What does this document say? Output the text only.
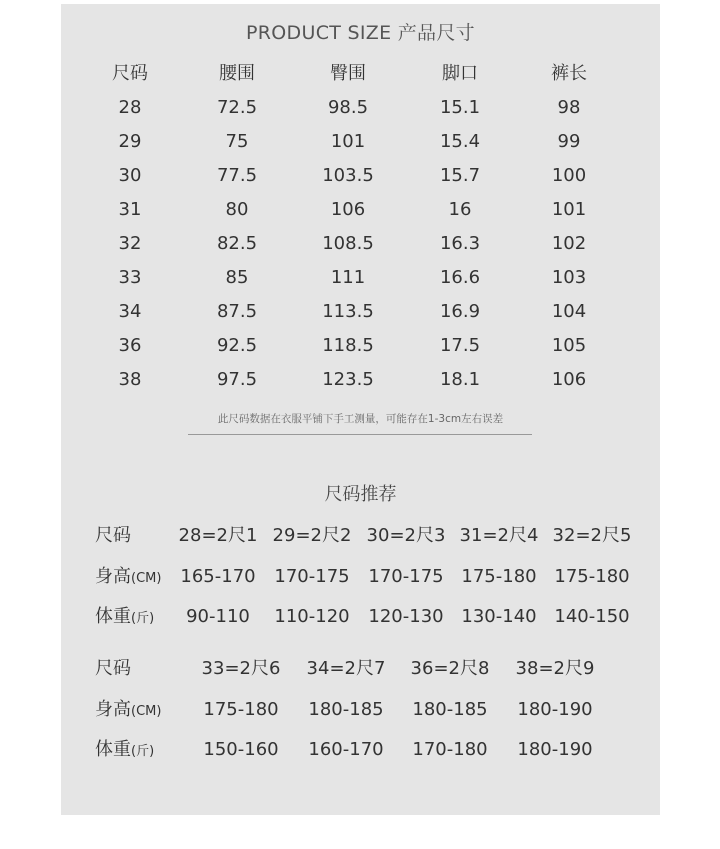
PRODUCT SIZE 产品尺寸
尺码	腰围	臀围	脚口	裤长
28	72.5	98.5	15.1	98
29	75	101	15.4	99
30	77.5	103.5	15.7	100
31	80	106	16	101
32	82.5	108.5	16.3	102
33	85	111	16.6	103
34	87.5	113.5	16.9	104
36	92.5	118.5	17.5	105
38	97.5	123.5	18.1	106
此尺码数据在衣服平铺下手工测量，可能存在1-3cm左右误差
尺码推荐
尺码	28=2尺1 29=2尺2 30=2尺3 31=2尺4 32=2尺5
身高(CM)	165-170	170-175	170-175 175-180 175-180
体重(斤)	90-110	110-120	120-130 130-140 140-150
尺码	33=2尺6	34=2尺7	36=2尺8	38=2尺9
身高(CM)	175-180	180-185	180-185	180-190
体重(斤)	150-160	160-170	170-180	180-190
